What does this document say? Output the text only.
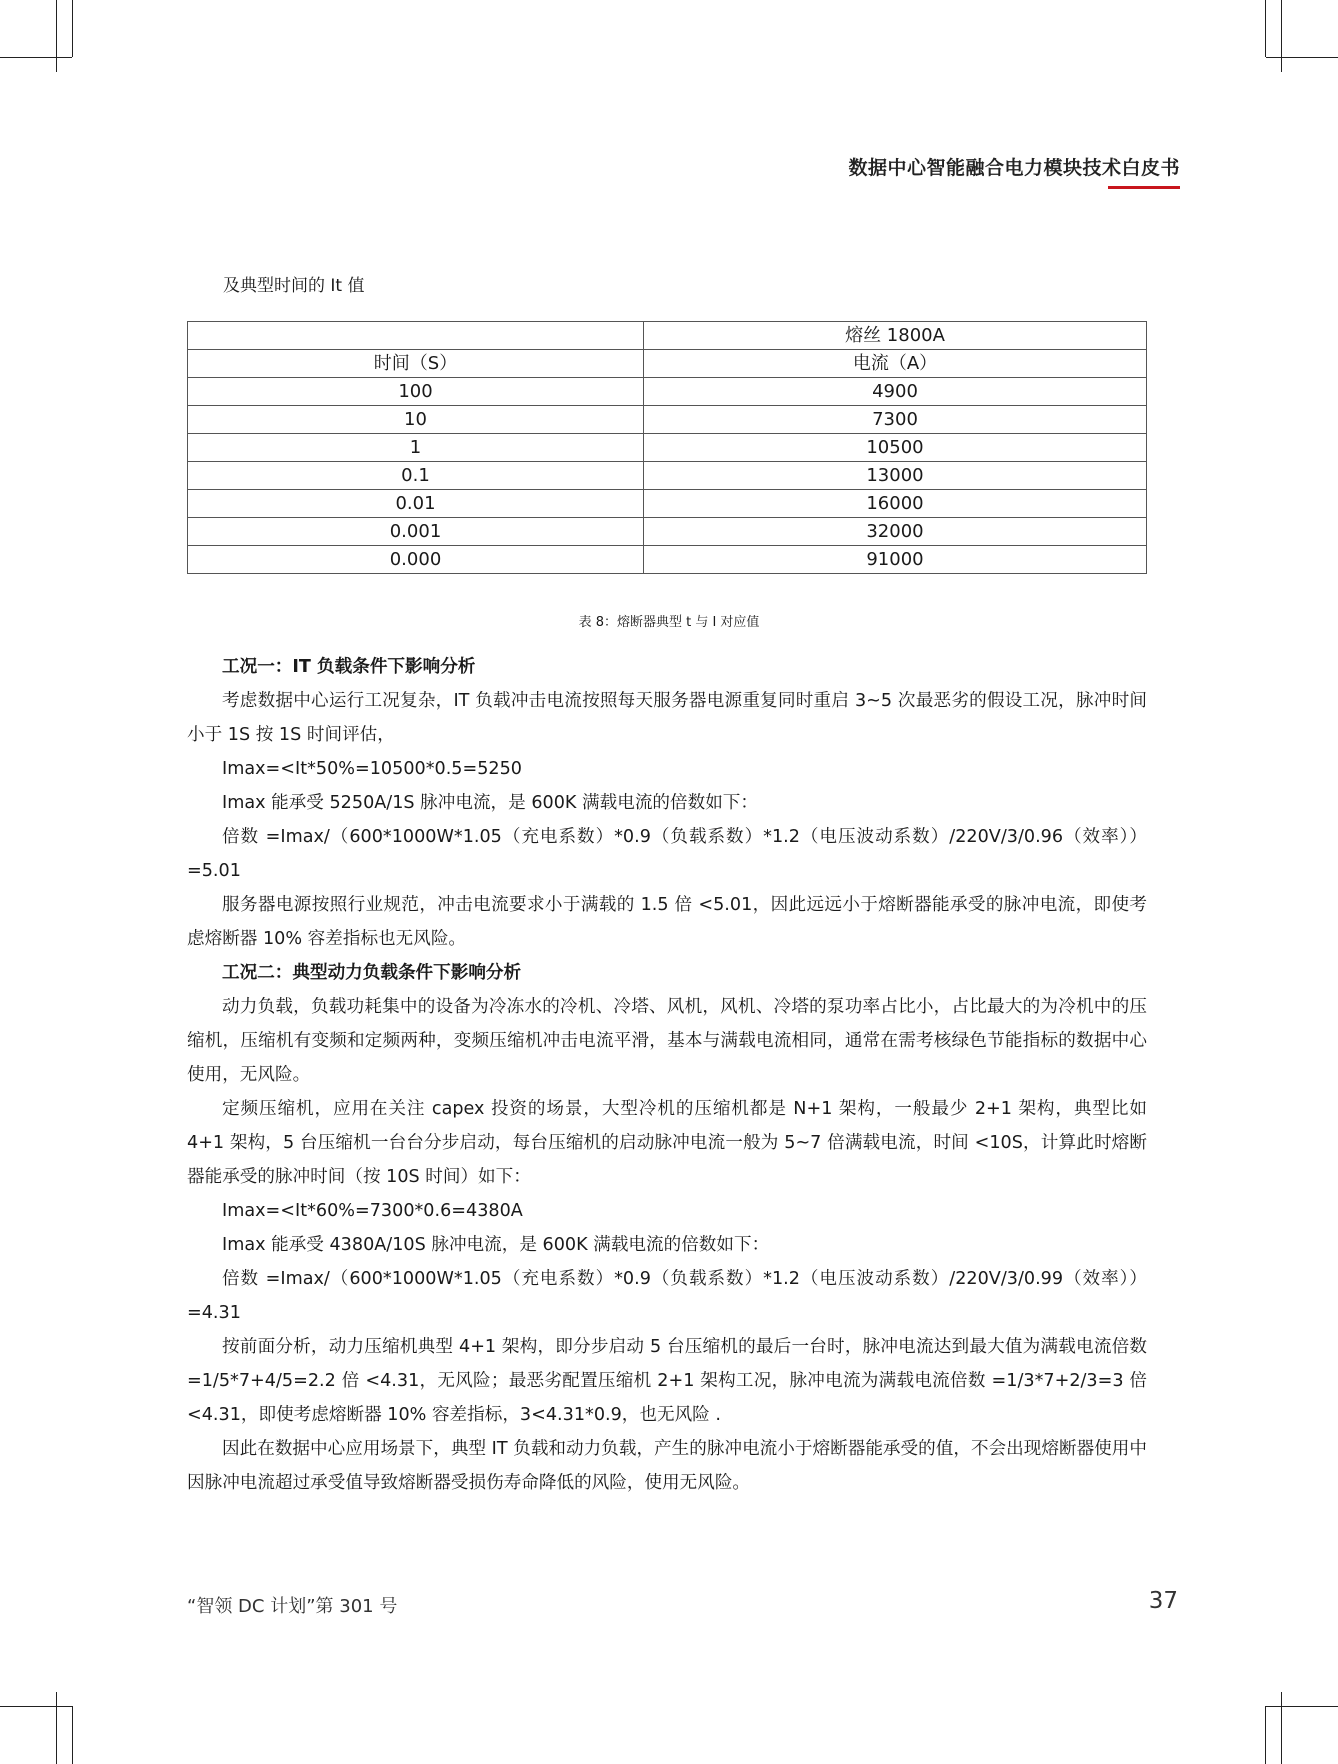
数据中心智能融合电力模块技术白皮书
及典型时间的 It 值
	熔丝 1800A
时间（S）	电流（A）
100	4900
10	7300
1	10500
0.1	13000
0.01	16000
0.001	32000
0.000	91000
表 8：熔断器典型 t 与 I 对应值

工况一：IT 负载条件下影响分析

考虑数据中心运行工况复杂，IT 负载冲击电流按照每天服务器电源重复同时重启 3~5 次最恶劣的假设工况，脉冲时间小于 1S 按 1S 时间评估，

Imax=<It*50%=10500*0.5=5250

Imax 能承受 5250A/1S 脉冲电流，是 600K 满载电流的倍数如下：

倍数 =Imax/（600*1000W*1.05（充电系数）*0.9（负载系数）*1.2（电压波动系数）/220V/3/0.96（效率））=5.01

服务器电源按照行业规范，冲击电流要求小于满载的 1.5 倍 <5.01，因此远远小于熔断器能承受的脉冲电流，即使考虑熔断器 10% 容差指标也无风险。

工况二：典型动力负载条件下影响分析

动力负载，负载功耗集中的设备为冷冻水的冷机、冷塔、风机，风机、冷塔的泵功率占比小，占比最大的为冷机中的压缩机，压缩机有变频和定频两种，变频压缩机冲击电流平滑，基本与满载电流相同，通常在需考核绿色节能指标的数据中心使用，无风险。

定频压缩机，应用在关注 capex 投资的场景，大型冷机的压缩机都是 N+1 架构，一般最少 2+1 架构，典型比如 4+1 架构，5 台压缩机一台台分步启动，每台压缩机的启动脉冲电流一般为 5~7 倍满载电流，时间 <10S，计算此时熔断器能承受的脉冲时间（按 10S 时间）如下：

Imax=<It*60%=7300*0.6=4380A

Imax 能承受 4380A/10S 脉冲电流，是 600K 满载电流的倍数如下：

倍数 =Imax/（600*1000W*1.05（充电系数）*0.9（负载系数）*1.2（电压波动系数）/220V/3/0.99（效率））=4.31

按前面分析，动力压缩机典型 4+1 架构，即分步启动 5 台压缩机的最后一台时，脉冲电流达到最大值为满载电流倍数 =1/5*7+4/5=2.2 倍 <4.31，无风险；最恶劣配置压缩机 2+1 架构工况，脉冲电流为满载电流倍数 =1/3*7+2/3=3 倍 <4.31，即使考虑熔断器 10% 容差指标，3<4.31*0.9，也无风险 .

因此在数据中心应用场景下，典型 IT 负载和动力负载，产生的脉冲电流小于熔断器能承受的值，不会出现熔断器使用中因脉冲电流超过承受值导致熔断器受损伤寿命降低的风险，使用无风险。

“智领 DC 计划”第 301 号	37
